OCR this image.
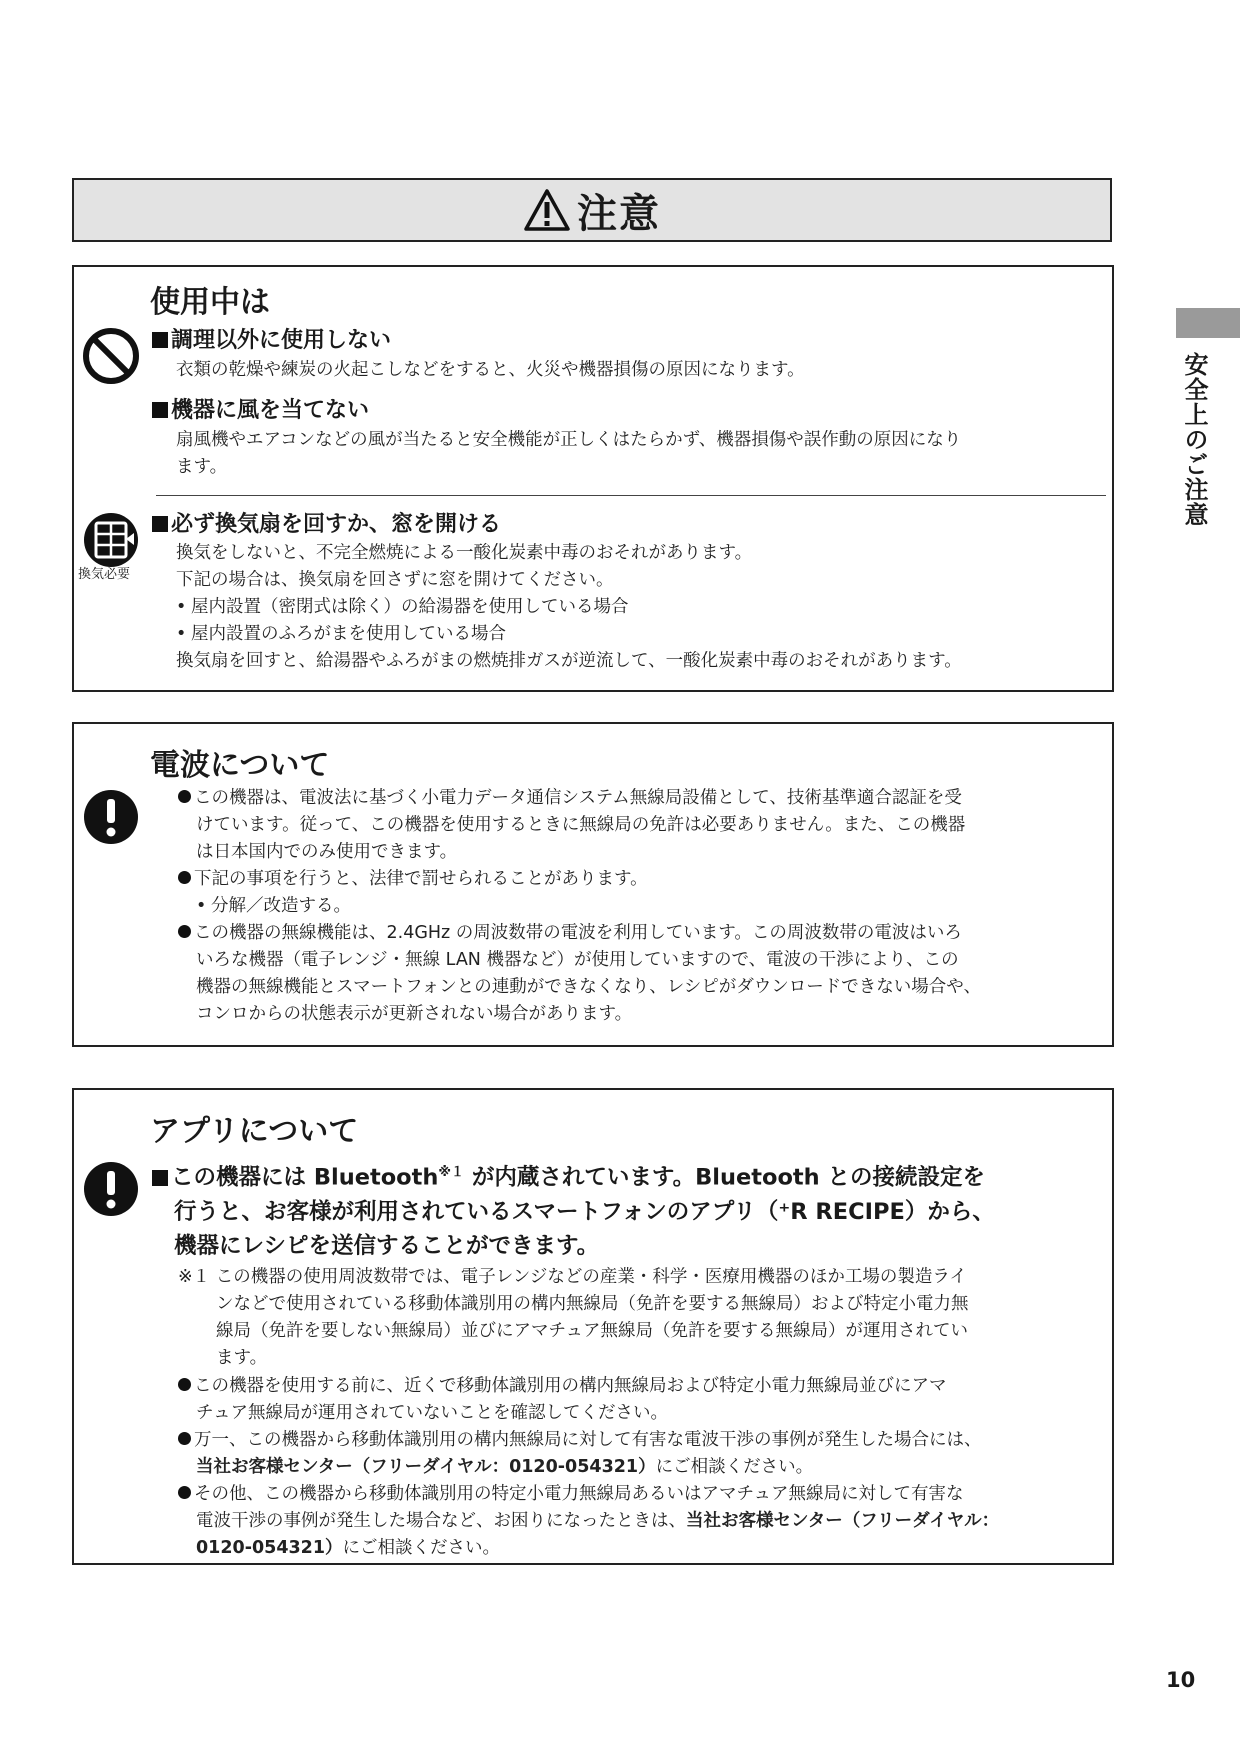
注意
安全上のご注意
使用中は
調理以外に使用しない
衣類の乾燥や練炭の火起こしなどをすると、火災や機器損傷の原因になります。
機器に風を当てない
扇風機やエアコンなどの風が当たると安全機能が正しくはたらかず、機器損傷や誤作動の原因になり
ます。
換気必要
必ず換気扇を回すか、窓を開ける
換気をしないと、不完全燃焼による一酸化炭素中毒のおそれがあります。
下記の場合は、換気扇を回さずに窓を開けてください。
• 屋内設置（密閉式は除く）の給湯器を使用している場合
• 屋内設置のふろがまを使用している場合
換気扇を回すと、給湯器やふろがまの燃焼排ガスが逆流して、一酸化炭素中毒のおそれがあります。
電波について
この機器は、電波法に基づく小電力データ通信システム無線局設備として、技術基準適合認証を受
けています。従って、この機器を使用するときに無線局の免許は必要ありません。また、この機器
は日本国内でのみ使用できます。
下記の事項を行うと、法律で罰せられることがあります。
• 分解／改造する。
この機器の無線機能は、2.4GHz の周波数帯の電波を利用しています。この周波数帯の電波はいろ
いろな機器（電子レンジ・無線 LAN 機器など）が使用していますので、電波の干渉により、この
機器の無線機能とスマートフォンとの連動ができなくなり、レシピがダウンロードできない場合や、
コンロからの状態表示が更新されない場合があります。
アプリについて
この機器には Bluetooth$^{※1}$ が内蔵されています。Bluetooth との接続設定を
行うと、お客様が利用されているスマートフォンのアプリ（⁺R RECIPE）から、
機器にレシピを送信することができます。
※１ この機器の使用周波数帯では、電子レンジなどの産業・科学・医療用機器のほか工場の製造ライ
ンなどで使用されている移動体識別用の構内無線局（免許を要する無線局）および特定小電力無
線局（免許を要しない無線局）並びにアマチュア無線局（免許を要する無線局）が運用されてい
ます。
この機器を使用する前に、近くで移動体識別用の構内無線局および特定小電力無線局並びにアマ
チュア無線局が運用されていないことを確認してください。
万一、この機器から移動体識別用の構内無線局に対して有害な電波干渉の事例が発生した場合には、
当社お客様センター（フリーダイヤル：0120-054321）にご相談ください。
その他、この機器から移動体識別用の特定小電力無線局あるいはアマチュア無線局に対して有害な
電波干渉の事例が発生した場合など、お困りになったときは、当社お客様センター（フリーダイヤル：
0120-054321）にご相談ください。
10
